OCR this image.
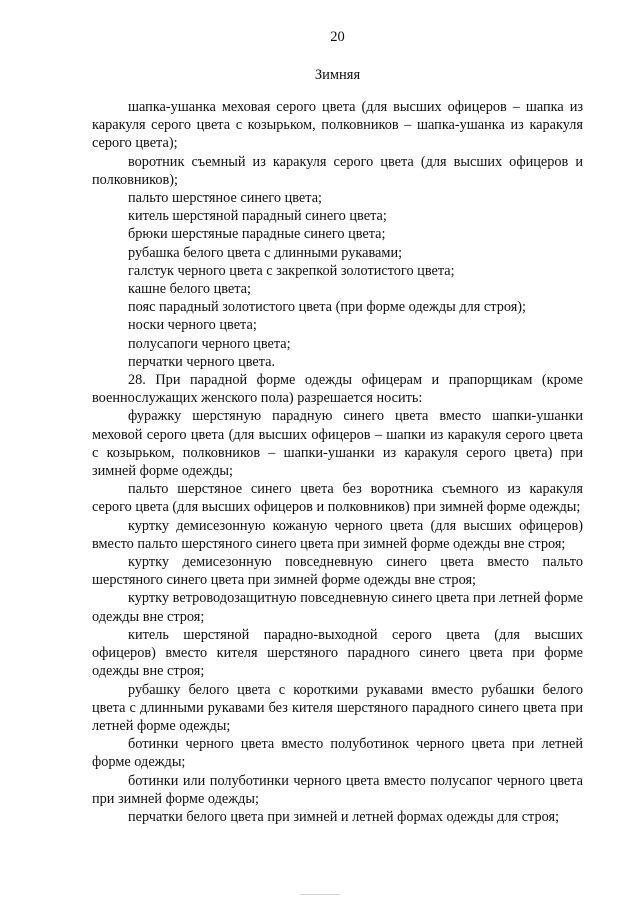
20
Зимняя

шапка-ушанка меховая серого цвета (для высших офицеров – шапка из каракуля серого цвета с козырьком, полковников – шапка-ушанка из каракуля серого цвета);

воротник съемный из каракуля серого цвета (для высших офицеров и полковников);

пальто шерстяное синего цвета;

китель шерстяной парадный синего цвета;

брюки шерстяные парадные синего цвета;

рубашка белого цвета с длинными рукавами;

галстук черного цвета с закрепкой золотистого цвета;

кашне белого цвета;

пояс парадный золотистого цвета (при форме одежды для строя);

носки черного цвета;

полусапоги черного цвета;

перчатки черного цвета.

28. При парадной форме одежды офицерам и прапорщикам (кроме военнослужащих женского пола) разрешается носить:

фуражку шерстяную парадную синего цвета вместо шапки-ушанки меховой серого цвета (для высших офицеров – шапки из каракуля серого цвета с козырьком, полковников – шапки-ушанки из каракуля серого цвета) при зимней форме одежды;

пальто шерстяное синего цвета без воротника съемного из каракуля серого цвета (для высших офицеров и полковников) при зимней форме одежды;

куртку демисезонную кожаную черного цвета (для высших офицеров) вместо пальто шерстяного синего цвета при зимней форме одежды вне строя;

куртку демисезонную повседневную синего цвета вместо пальто шерстяного синего цвета при зимней форме одежды вне строя;

куртку ветроводозащитную повседневную синего цвета при летней форме одежды вне строя;

китель шерстяной парадно-выходной серого цвета (для высших офицеров) вместо кителя шерстяного парадного синего цвета при форме одежды вне строя;

рубашку белого цвета с короткими рукавами вместо рубашки белого цвета с длинными рукавами без кителя шерстяного парадного синего цвета при летней форме одежды;

ботинки черного цвета вместо полуботинок черного цвета при летней форме одежды;

ботинки или полуботинки черного цвета вместо полусапог черного цвета при зимней форме одежды;

перчатки белого цвета при зимней и летней формах одежды для строя;
